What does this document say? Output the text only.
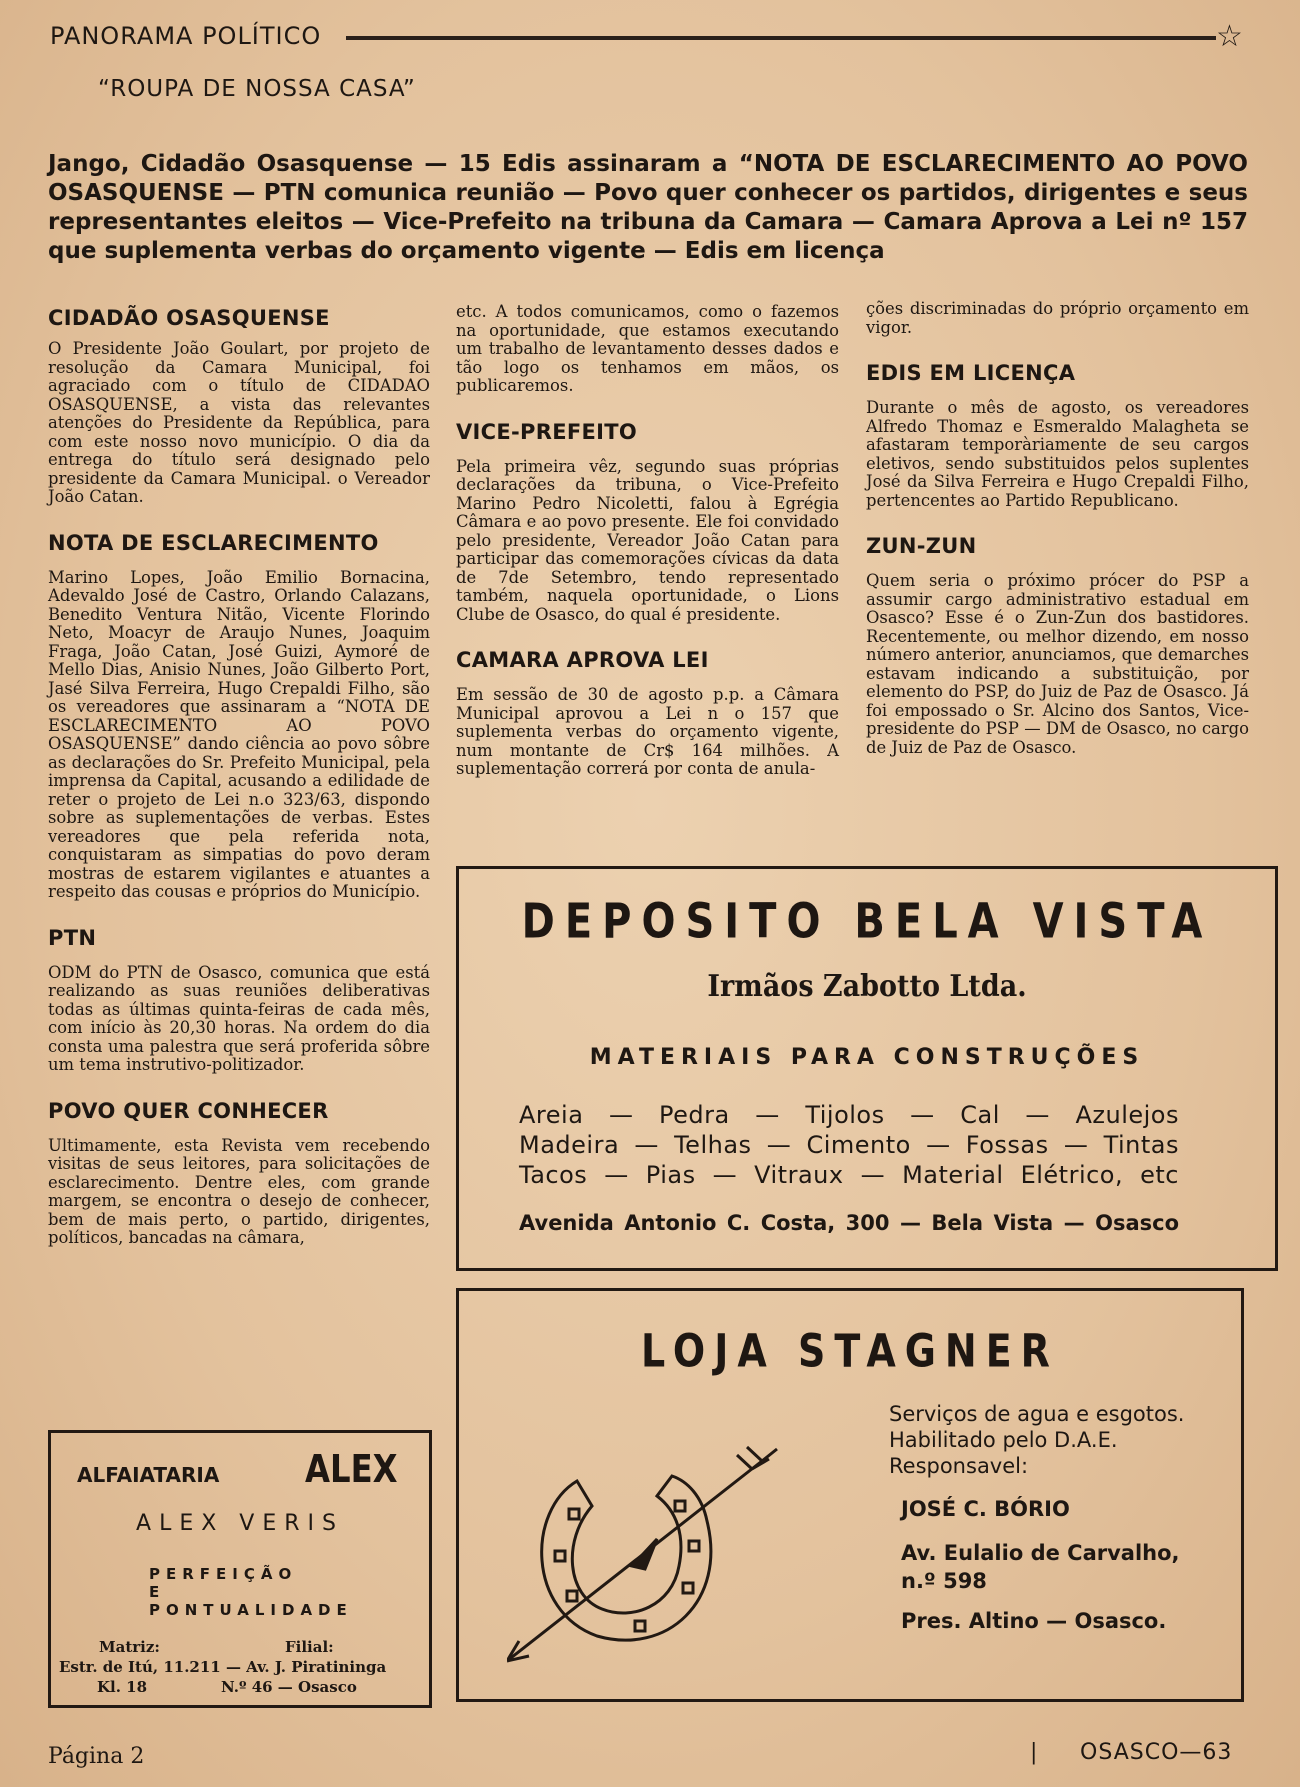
PANORAMA POLÍTICO	☆
“ROUPA DE NOSSA CASA”
Jango, Cidadão Osasquense — 15 Edis assinaram a “NOTA DE ESCLARECIMENTO AO POVO OSASQUENSE — PTN comunica reunião — Povo quer conhecer os partidos, dirigentes e seus representantes eleitos — Vice-Prefeito na tribuna da Camara — Camara Aprova a Lei nº 157 que suplementa verbas do orçamento vigente — Edis em licença
CIDADÃO OSASQUENSE

O Presidente João Goulart, por projeto de resolução da Camara Municipal, foi agraciado com o título de CIDADAO OSASQUENSE, a vista das relevantes atenções do Presidente da República, para com este nosso novo município. O dia da entrega do título será designado pelo presidente da Camara Municipal. o Vereador João Catan.

NOTA DE ESCLARECIMENTO

Marino Lopes, João Emilio Bornacina, Adevaldo José de Castro, Orlando Calazans, Benedito Ventura Nitão, Vicente Florindo Neto, Moacyr de Araujo Nunes, Joaquim Fraga, João Catan, José Guizi, Aymoré de Mello Dias, Anisio Nunes, João Gilberto Port, Jasé Silva Ferreira, Hugo Crepaldi Filho, são os vereadores que assinaram a “NOTA DE ESCLARECIMENTO AO POVO OSASQUENSE” dando ciência ao povo sôbre as declarações do Sr. Prefeito Municipal, pela imprensa da Capital, acusando a edilidade de reter o projeto de Lei n.o 323/63, dispondo sobre as suplementações de verbas. Estes vereadores que pela referida nota, conquistaram as simpatias do povo deram mostras de estarem vigilantes e atuantes a respeito das cousas e próprios do Município.

PTN

ODM do PTN de Osasco, comunica que está realizando as suas reuniões deliberativas todas as últimas quinta-feiras de cada mês, com início às 20,30 horas. Na ordem do dia consta uma palestra que será proferida sôbre um tema instrutivo-politizador.

POVO QUER CONHECER

Ultimamente, esta Revista vem recebendo visitas de seus leitores, para solicitações de esclarecimento. Dentre eles, com grande margem, se encontra o desejo de conhecer, bem de mais perto, o partido, dirigentes, políticos, bancadas na câmara,

etc. A todos comunicamos, como o fazemos na oportunidade, que estamos executando um trabalho de levantamento desses dados e tão logo os tenhamos em mãos, os publicaremos.

VICE-PREFEITO

Pela primeira vêz, segundo suas próprias declarações da tribuna, o Vice-Prefeito Marino Pedro Nicoletti, falou à Egrégia Câmara e ao povo presente. Ele foi convidado pelo presidente, Vereador João Catan para participar das comemorações cívicas da data de 7de Setembro, tendo representado também, naquela oportunidade, o Lions Clube de Osasco, do qual é presidente.

CAMARA APROVA LEI

Em sessão de 30 de agosto p.p. a Câmara Municipal aprovou a Lei n o 157 que suplementa verbas do orçamento vigente, num montante de Cr$ 164 milhões. A suplementação correrá por conta de anula-

ções discriminadas do próprio orçamento em vigor.

EDIS EM LICENÇA

Durante o mês de agosto, os vereadores Alfredo Thomaz e Esmeraldo Malagheta se afastaram temporàriamente de seu cargos eletivos, sendo substituidos pelos suplentes José da Silva Ferreira e Hugo Crepaldi Filho, pertencentes ao Partido Republicano.

ZUN-ZUN

Quem seria o próximo prócer do PSP a assumir cargo administrativo estadual em Osasco? Esse é o Zun-Zun dos bastidores. Recentemente, ou melhor dizendo, em nosso número anterior, anunciamos, que demarches estavam indicando a substituição, por elemento do PSP, do Juiz de Paz de Osasco. Já foi empossado o Sr. Alcino dos Santos, Vice-presidente do PSP — DM de Osasco, no cargo de Juiz de Paz de Osasco.

DEPOSITO BELA VISTA
Irmãos Zabotto Ltda.
MATERIAIS PARA CONSTRUÇÕES
Areia — Pedra — Tijolos — Cal — Azulejos
Madeira — Telhas — Cimento — Fossas — Tintas
Tacos — Pias — Vitraux — Material Elétrico, etc
Avenida Antonio C. Costa, 300 — Bela Vista — Osasco
LOJA STAGNER
Serviços de agua e esgotos.
Habilitado pelo D.A.E.
Responsavel:
JOSÉ C. BÓRIO
Av. Eulalio de Carvalho, n.º 598
Pres. Altino — Osasco.
ALFAIATARIA ALEX
ALEX VERIS
PERFEIÇÃO
E
PONTUALIDADE
Matriz:	Filial:
Estr. de Itú, 11.211 — Av. J. Piratininga
Kl. 18	N.º 46 — Osasco
Página 2	| OSASCO—63
